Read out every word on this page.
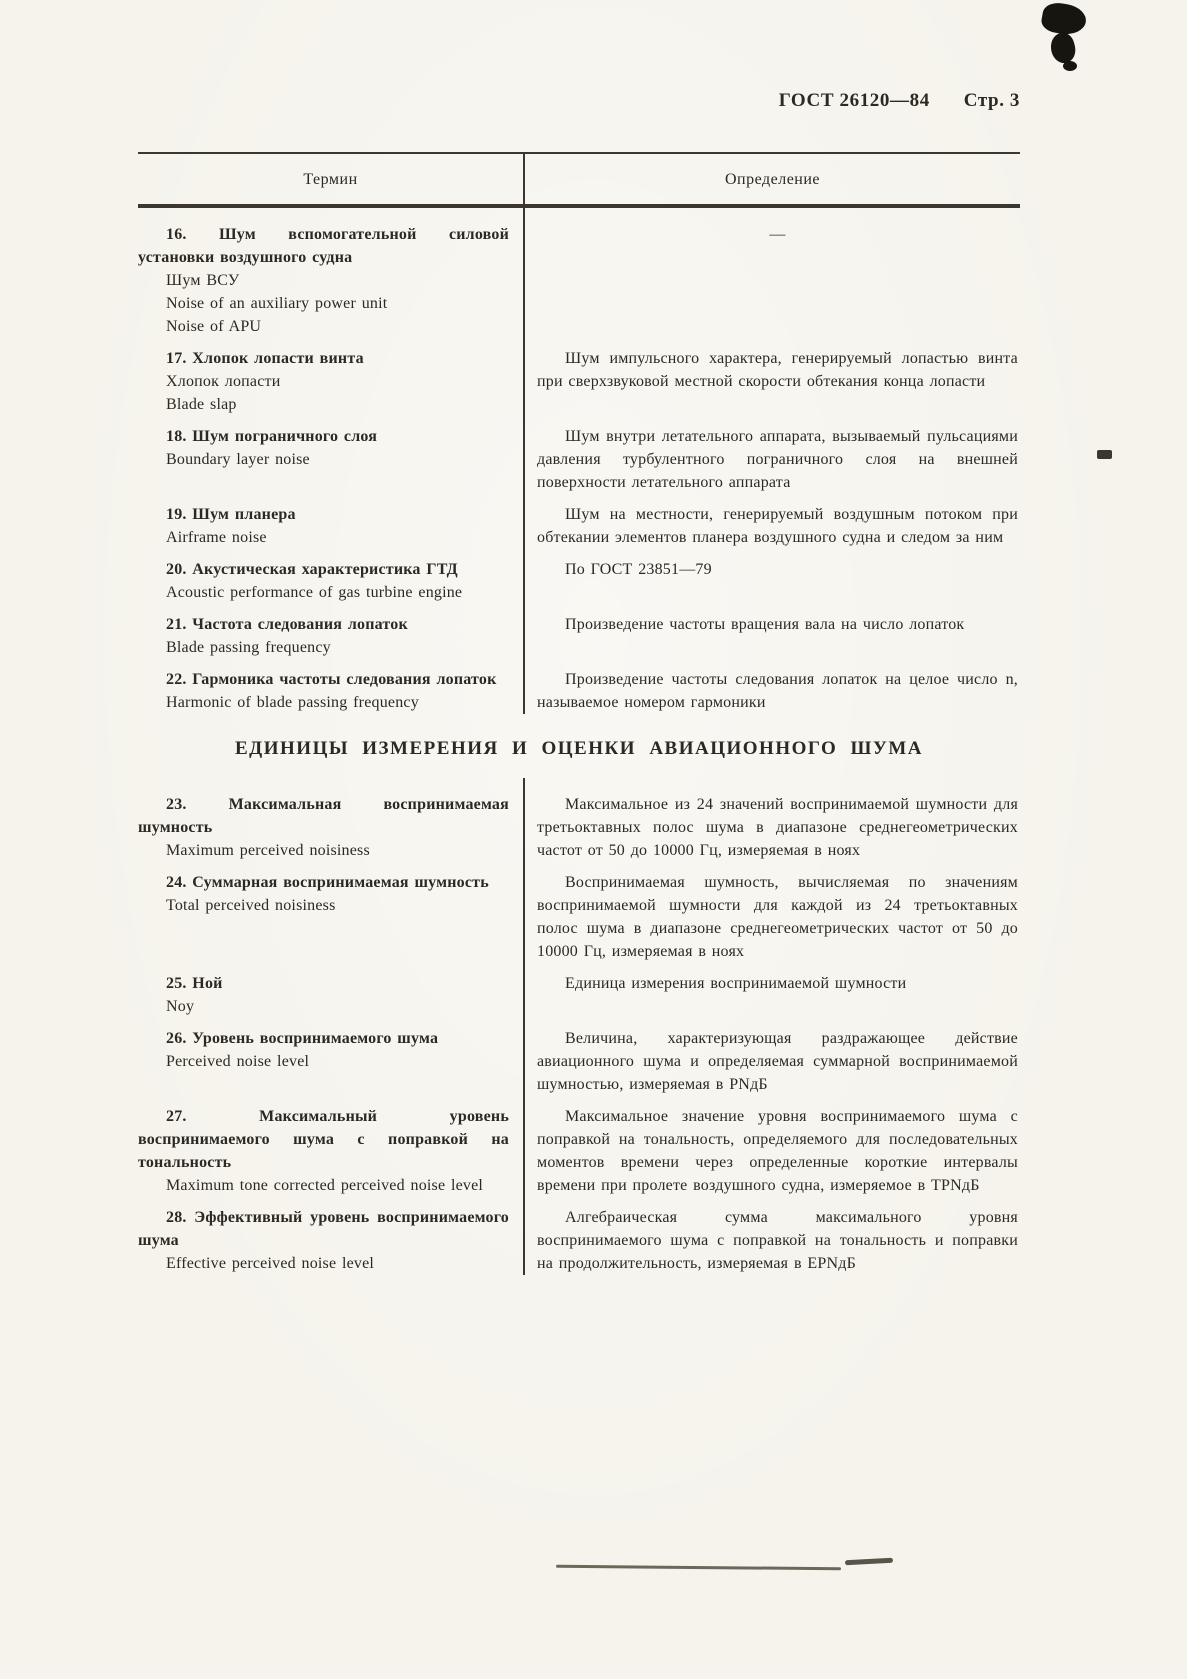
ГОСТ 26120—84 Стр. 3
Термин	Определение

16. Шум вспомогательной силовой установки воздушного судна

Шум ВСУ

Noise of an auxiliary power unit

Noise of APU

—

17. Хлопок лопасти винта

Хлопок лопасти

Blade slap

Шум импульсного характера, генерируемый лопастью винта при сверхзвуковой местной скорости обтекания конца лопасти

18. Шум пограничного слоя

Boundary layer noise

Шум внутри летательного аппарата, вызываемый пульсациями давления турбулентного пограничного слоя на внешней поверхности летательного аппарата

19. Шум планера

Airframe noise

Шум на местности, генерируемый воздушным потоком при обтекании элементов планера воздушного судна и следом за ним

20. Акустическая характеристика ГТД

Acoustic performance of gas turbine engine

По ГОСТ 23851—79

21. Частота следования лопаток

Blade passing frequency

Произведение частоты вращения вала на число лопаток

22. Гармоника частоты следования лопаток

Harmonic of blade passing frequency

Произведение частоты следования лопаток на целое число n, называемое номером гармоники

ЕДИНИЦЫ ИЗМЕРЕНИЯ И ОЦЕНКИ АВИАЦИОННОГО ШУМА

23. Максимальная воспринимаемая шумность

Maximum perceived noisiness

Максимальное из 24 значений воспринимаемой шумности для третьоктавных полос шума в диапазоне среднегеометрических частот от 50 до 10000 Гц, измеряемая в ноях

24. Суммарная воспринимаемая шумность

Total perceived noisiness

Воспринимаемая шумность, вычисляемая по значениям воспринимаемой шумности для каждой из 24 третьоктавных полос шума в диапазоне среднегеометрических частот от 50 до 10000 Гц, измеряемая в ноях

25. Ной

Noy

Единица измерения воспринимаемой шумности

26. Уровень воспринимаемого шума

Perceived noise level

Величина, характеризующая раздражающее действие авиационного шума и определяемая суммарной воспринимаемой шумностью, измеряемая в PNдБ

27. Максимальный уровень воспринимаемого шума с поправкой на тональность

Maximum tone corrected perceived noise level

Максимальное значение уровня воспринимаемого шума с поправкой на тональность, определяемого для последовательных моментов времени через определенные короткие интервалы времени при пролете воздушного судна, измеряемое в TPNдБ

28. Эффективный уровень воспринимаемого шума

Effective perceived noise level

Алгебраическая сумма максимального уровня воспринимаемого шума с поправкой на тональность и поправки на продолжительность, измеряемая в EPNдБ
